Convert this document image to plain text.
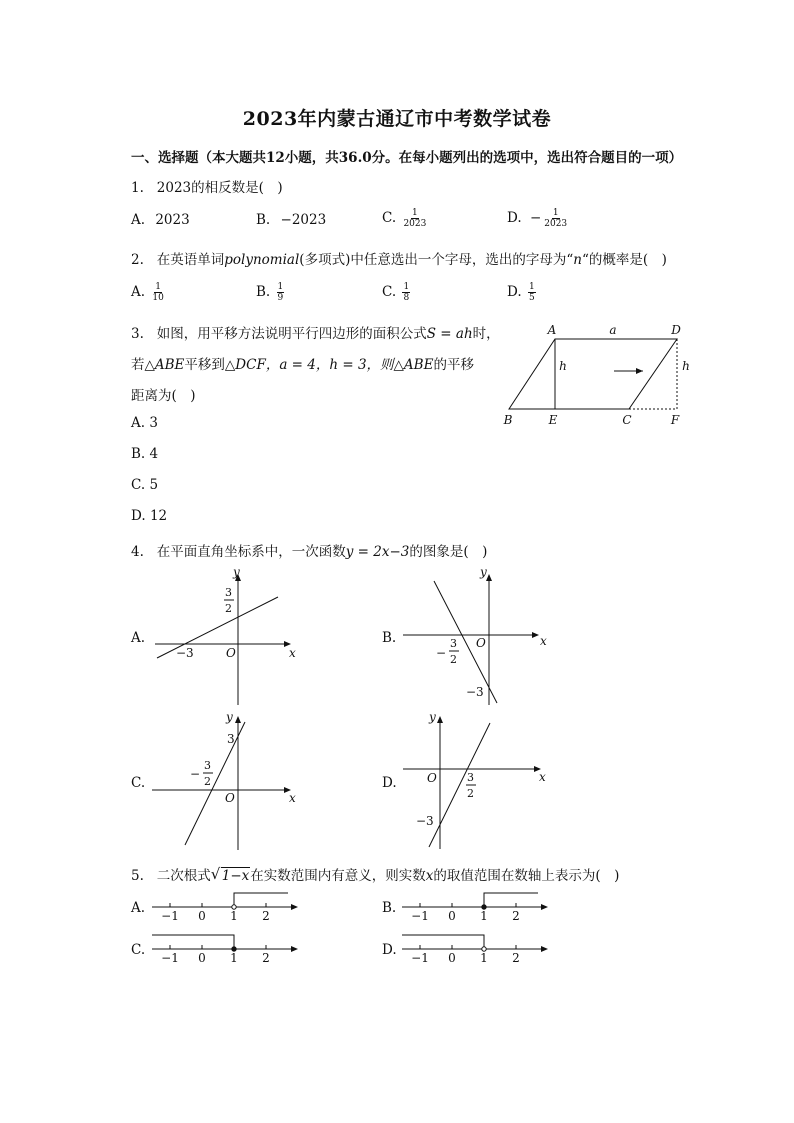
2023年内蒙古通辽市中考数学试卷
一、选择题（本大题共12小题，共36.0分。在每小题列出的选项中，选出符合题目的一项）
1. 2023的相反数是(　)
A. 2023	B. −2023	C. $\frac{1}{2023}$	D. − $\frac{1}{2023}$
2. 在英语单词polynomial(多项式)中任意选出一个字母，选出的字母为“n“的概率是(　)
A. $\frac{1}{10}$	B. $\frac{1}{9}$	C. $\frac{1}{8}$	D. $\frac{1}{5}$
3. 如图，用平移方法说明平行四边形的面积公式S = ah时，
若△ABE平移到△DCF，a = 4，h = 3，则△ABE的平移
距离为(　)
A. 3
B. 4
C. 5
D. 12
A	D
a
h	h
B	E	C	F
4. 在平面直角坐标系中，一次函数y = 2x−3的图象是(　)
A.
y
x
O
3
2
−3
B.
y
x
O
−
3
2
−3
C.
y
x
O
−
3
2
3
D.
y
x
O	3
2
−3
5. 二次根式 √ 1−x在实数范围内有意义，则实数x的取值范围在数轴上表示为(　)
A. −1 0 1 2	B. −1 0 1 2
C. −1 0 1 2	D. −1 0 1 2
